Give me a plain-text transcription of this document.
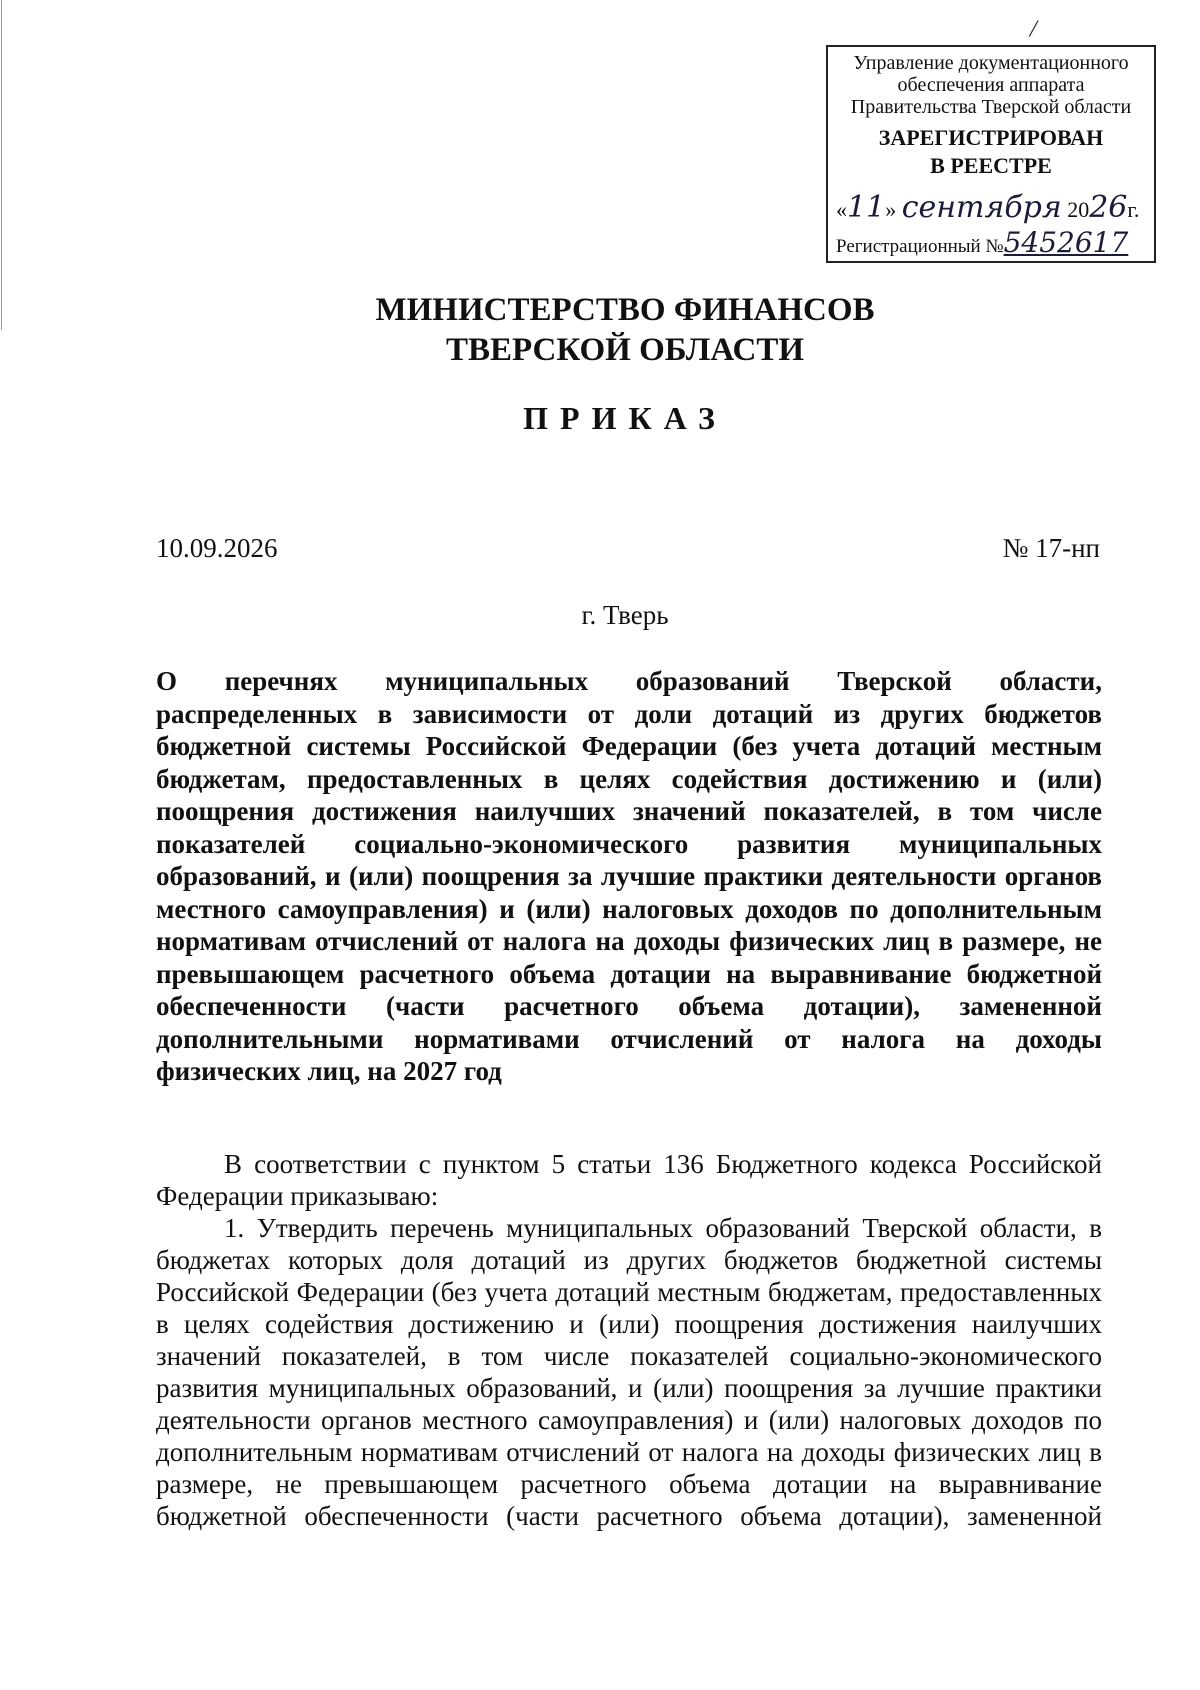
/
Управление документационного
обеспечения аппарата
Правительства Тверской области
ЗАРЕГИСТРИРОВАН
В РЕЕСТРЕ
«11» сентября 2026г.
Регистрационный №5452617
МИНИСТЕРСТВО ФИНАНСОВ
ТВЕРСКОЙ ОБЛАСТИ
ПРИКАЗ
10.09.2026	№ 17-нп
г. Тверь
О перечнях муниципальных образований Тверской области, распределенных в зависимости от доли дотаций из других бюджетов бюджетной системы Российской Федерации (без учета дотаций местным бюджетам, предоставленных в целях содействия достижению и (или) поощрения достижения наилучших значений показателей, в том числе показателей социально-экономического развития муниципальных образований, и (или) поощрения за лучшие практики деятельности органов местного самоуправления) и (или) налоговых доходов по дополнительным нормативам отчислений от налога на доходы физических лиц в размере, не превышающем расчетного объема дотации на выравнивание бюджетной обеспеченности (части расчетного объема дотации), замененной дополнительными нормативами отчислений от налога на доходы физических лиц, на 2027 год

В соответствии с пунктом 5 статьи 136 Бюджетного кодекса Российской Федерации приказываю:

1. Утвердить перечень муниципальных образований Тверской области, в бюджетах которых доля дотаций из других бюджетов бюджетной системы Российской Федерации (без учета дотаций местным бюджетам, предоставленных в целях содействия достижению и (или) поощрения достижения наилучших значений показателей, в том числе показателей социально-экономического развития муниципальных образований, и (или) поощрения за лучшие практики деятельности органов местного самоуправления) и (или) налоговых доходов по дополнительным нормативам отчислений от налога на доходы физических лиц в размере, не превышающем расчетного объема дотации на выравнивание бюджетной обеспеченности (части расчетного объема дотации), замененной
